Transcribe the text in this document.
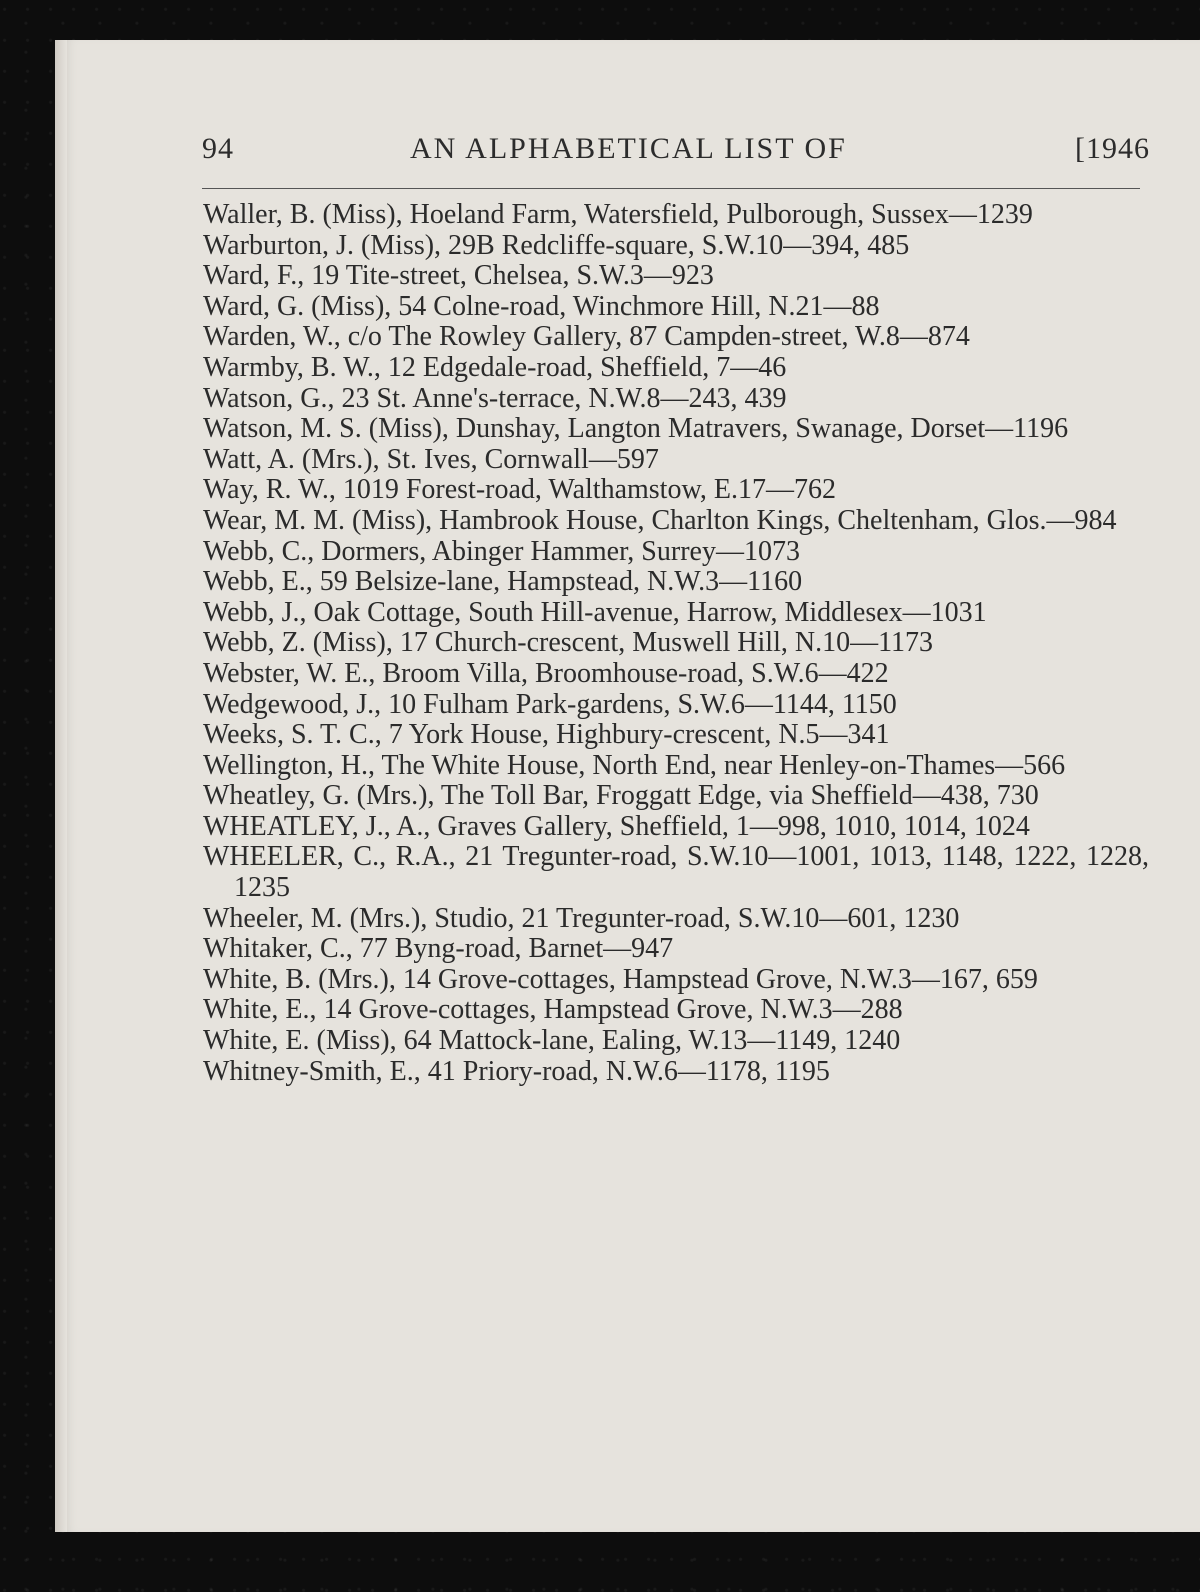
94	AN ALPHABETICAL LIST OF	[1946
Waller, B. (Miss), Hoeland Farm, Watersfield, Pulborough, Sussex—1239
Warburton, J. (Miss), 29B Redcliffe-square, S.W.10—394, 485
Ward, F., 19 Tite-street, Chelsea, S.W.3—923
Ward, G. (Miss), 54 Colne-road, Winchmore Hill, N.21—88
Warden, W., c/o The Rowley Gallery, 87 Campden-street, W.8—874
Warmby, B. W., 12 Edgedale-road, Sheffield, 7—46
Watson, G., 23 St. Anne's-terrace, N.W.8—243, 439
Watson, M. S. (Miss), Dunshay, Langton Matravers, Swanage, Dorset—1196
Watt, A. (Mrs.), St. Ives, Cornwall—597
Way, R. W., 1019 Forest-road, Walthamstow, E.17—762
Wear, M. M. (Miss), Hambrook House, Charlton Kings, Cheltenham, Glos.—984
Webb, C., Dormers, Abinger Hammer, Surrey—1073
Webb, E., 59 Belsize-lane, Hampstead, N.W.3—1160
Webb, J., Oak Cottage, South Hill-avenue, Harrow, Middlesex—1031
Webb, Z. (Miss), 17 Church-crescent, Muswell Hill, N.10—1173
Webster, W. E., Broom Villa, Broomhouse-road, S.W.6—422
Wedgewood, J., 10 Fulham Park-gardens, S.W.6—1144, 1150
Weeks, S. T. C., 7 York House, Highbury-crescent, N.5—341
Wellington, H., The White House, North End, near Henley-on-Thames—566
Wheatley, G. (Mrs.), The Toll Bar, Froggatt Edge, via Sheffield—438, 730
WHEATLEY, J., A., Graves Gallery, Sheffield, 1—998, 1010, 1014, 1024
WHEELER, C., R.A., 21 Tregunter-road, S.W.10—1001, 1013, 1148, 1222, 1228, 1235
Wheeler, M. (Mrs.), Studio, 21 Tregunter-road, S.W.10—601, 1230
Whitaker, C., 77 Byng-road, Barnet—947
White, B. (Mrs.), 14 Grove-cottages, Hampstead Grove, N.W.3—167, 659
White, E., 14 Grove-cottages, Hampstead Grove, N.W.3—288
White, E. (Miss), 64 Mattock-lane, Ealing, W.13—1149, 1240
Whitney-Smith, E., 41 Priory-road, N.W.6—1178, 1195
